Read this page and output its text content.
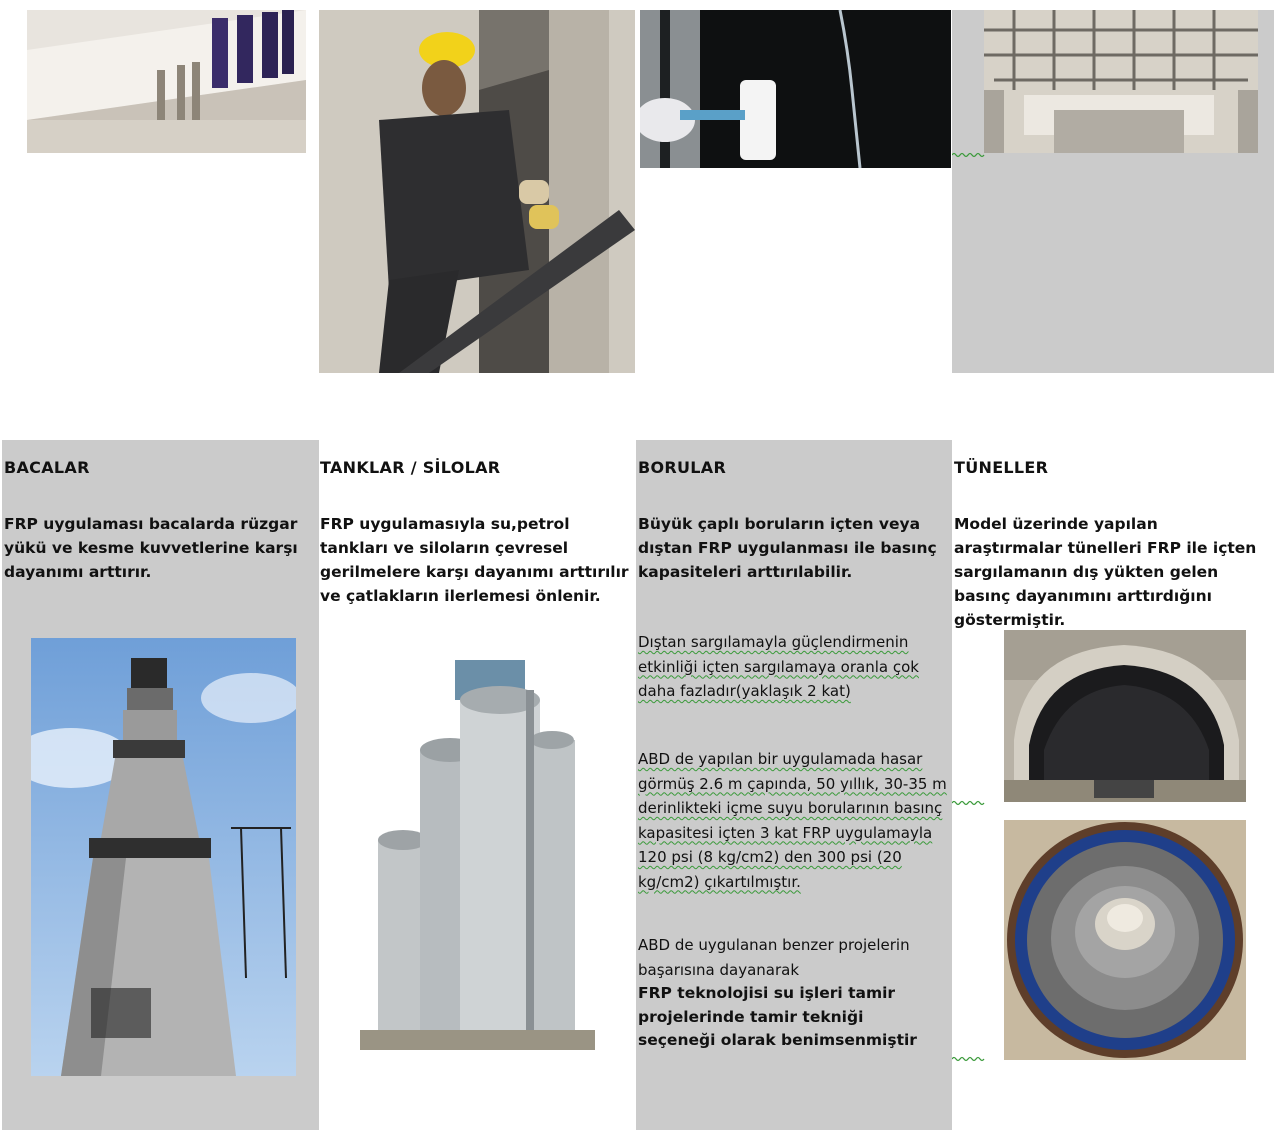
BACALAR	TANKLAR / SİLOLAR	BORULAR	TÜNELLER
FRP uygulaması bacalarda rüzgar yükü ve kesme kuvvetlerine karşı dayanımı arttırır.
FRP uygulamasıyla su,petrol tankları ve siloların çevresel gerilmelere karşı dayanımı arttırılır ve çatlakların ilerlemesi önlenir.
Büyük çaplı boruların içten veya dıştan FRP uygulanması ile basınç kapasiteleri arttırılabilir.
Model üzerinde yapılan araştırmalar tünelleri FRP ile içten sargılamanın dış yükten gelen basınç dayanımını arttırdığını göstermiştir.
Dıştan sargılamayla güçlendirmenin etkinliği içten sargılamaya oranla çok daha fazladır(yaklaşık 2 kat)
ABD de yapılan bir uygulamada hasar görmüş 2.6 m çapında, 50 yıllık, 30-35 m derinlikteki içme suyu borularının basınç kapasitesi içten 3 kat FRP uygulamayla 120 psi (8 kg/cm2) den 300 psi (20 kg/cm2) çıkartılmıştır.
ABD de uygulanan benzer projelerin başarısına dayanarak
FRP teknolojisi su işleri tamir projelerinde tamir tekniği seçeneği olarak benimsenmiştir
